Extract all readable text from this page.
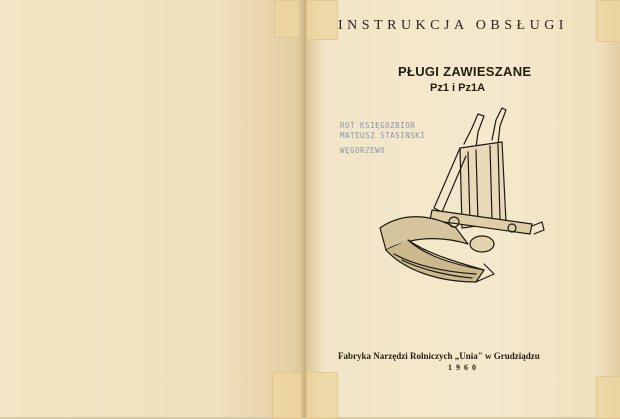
INSTRUKCJA OBSŁUGI
PŁUGI ZAWIESZANE
Pz1 i Pz1A
ROT KSIĘGOZBIÓR
MATEUSZ STASIŃSKI
WĘGORZEWO
Fabryka Narzędzi Rolniczych „Unia" w Grudziądzu
1960
